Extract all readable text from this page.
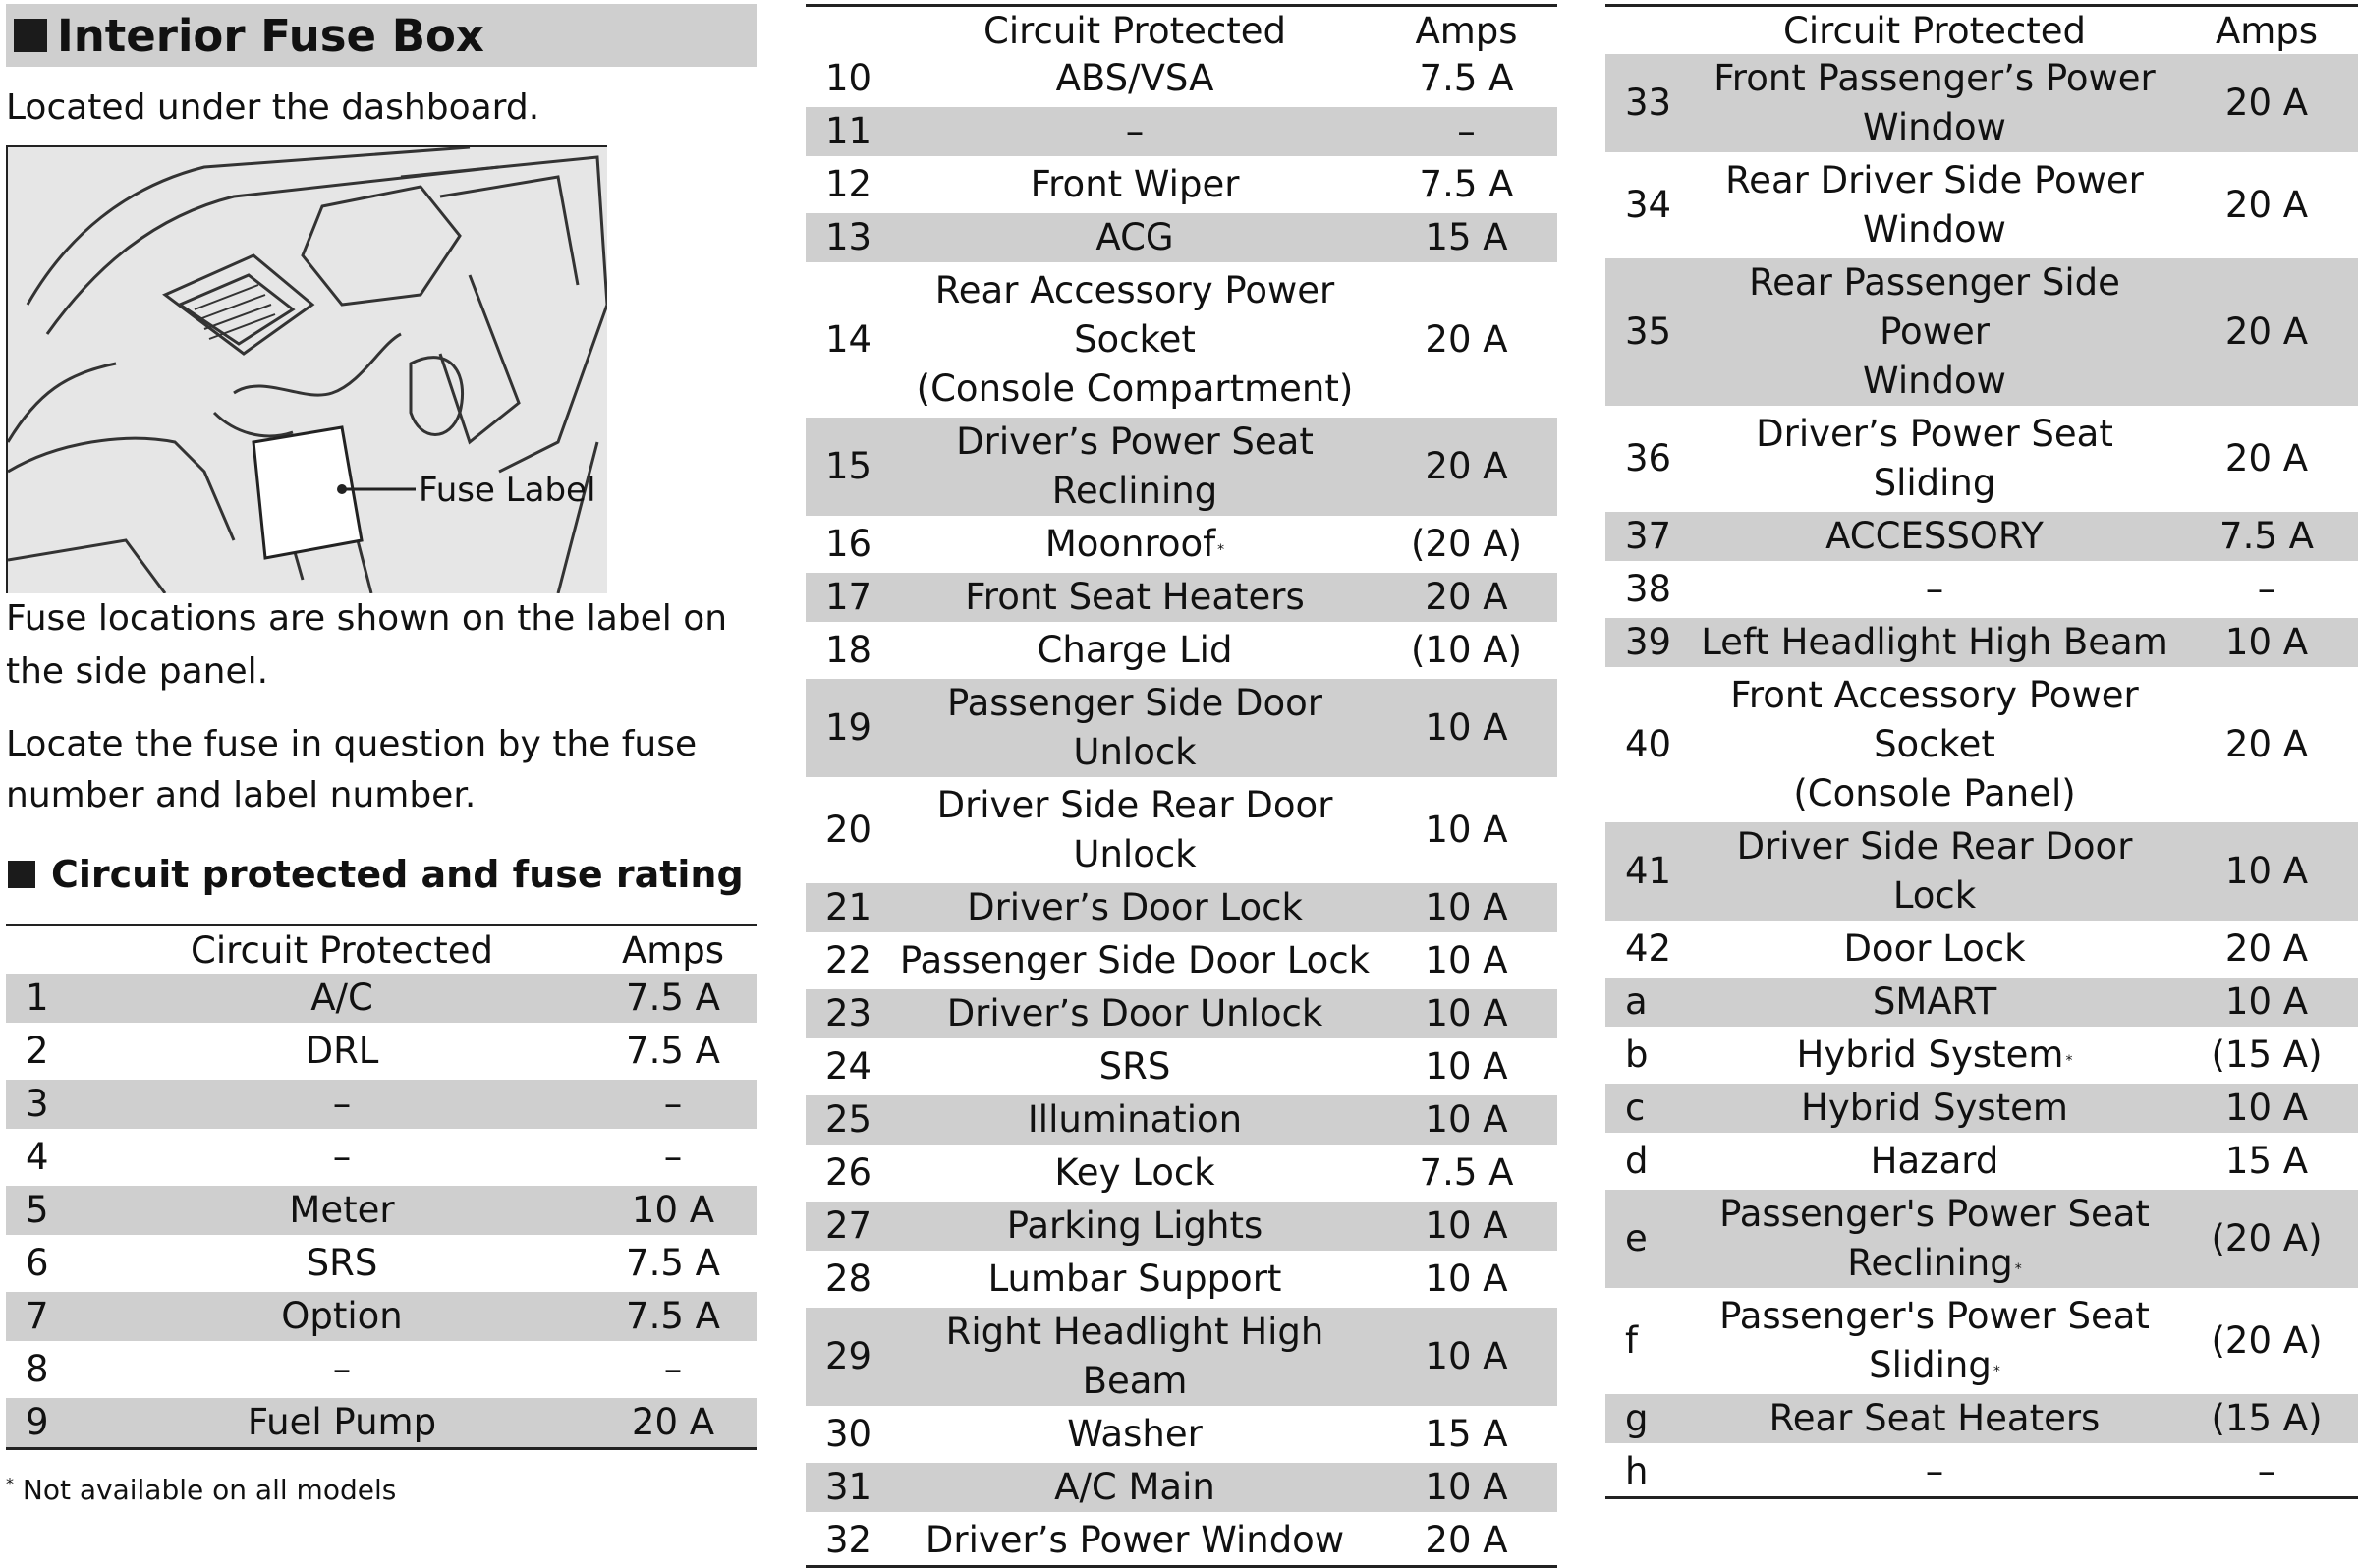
Interior Fuse Box
Located under the dashboard.
Fuse Label
Fuse locations are shown on the label on
the side panel.
Locate the fuse in question by the fuse
number and label number.
Circuit protected and fuse rating
	Circuit Protected	Amps
1	A/C	7.5 A
2	DRL	7.5 A
3	–	–
4	–	–
5	Meter	10 A
6	SRS	7.5 A
7	Option	7.5 A
8	–	–
9	Fuel Pump	20 A
* Not available on all models
	Circuit Protected	Amps
10	ABS/VSA	7.5 A
11	–	–
12	Front Wiper	7.5 A
13	ACG	15 A
14	Rear Accessory Power Socket
(Console Compartment)	20 A
15	Driver’s Power Seat
Reclining	20 A
16	Moonroof *	(20 A)
17	Front Seat Heaters	20 A
18	Charge Lid	(10 A)
19	Passenger Side Door
Unlock	10 A
20	Driver Side Rear Door
Unlock	10 A
21	Driver’s Door Lock	10 A
22	Passenger Side Door Lock	10 A
23	Driver’s Door Unlock	10 A
24	SRS	10 A
25	Illumination	10 A
26	Key Lock	7.5 A
27	Parking Lights	10 A
28	Lumbar Support	10 A
29	Right Headlight High Beam	10 A
30	Washer	15 A
31	A/C Main	10 A
32	Driver’s Power Window	20 A
	Circuit Protected	Amps
33	Front Passenger’s Power
Window	20 A
34	Rear Driver Side Power
Window	20 A
35	Rear Passenger Side Power
Window	20 A
36	Driver’s Power Seat Sliding	20 A
37	ACCESSORY	7.5 A
38	–	–
39	Left Headlight High Beam	10 A
40	Front Accessory Power
Socket
(Console Panel)	20 A
41	Driver Side Rear Door Lock	10 A
42	Door Lock	20 A
a	SMART	10 A
b	Hybrid System *	(15 A)
c	Hybrid System	10 A
d	Hazard	15 A
e	Passenger's Power Seat
Reclining *	(20 A)
f	Passenger's Power Seat
Sliding *	(20 A)
g	Rear Seat Heaters	(15 A)
h	–	–
